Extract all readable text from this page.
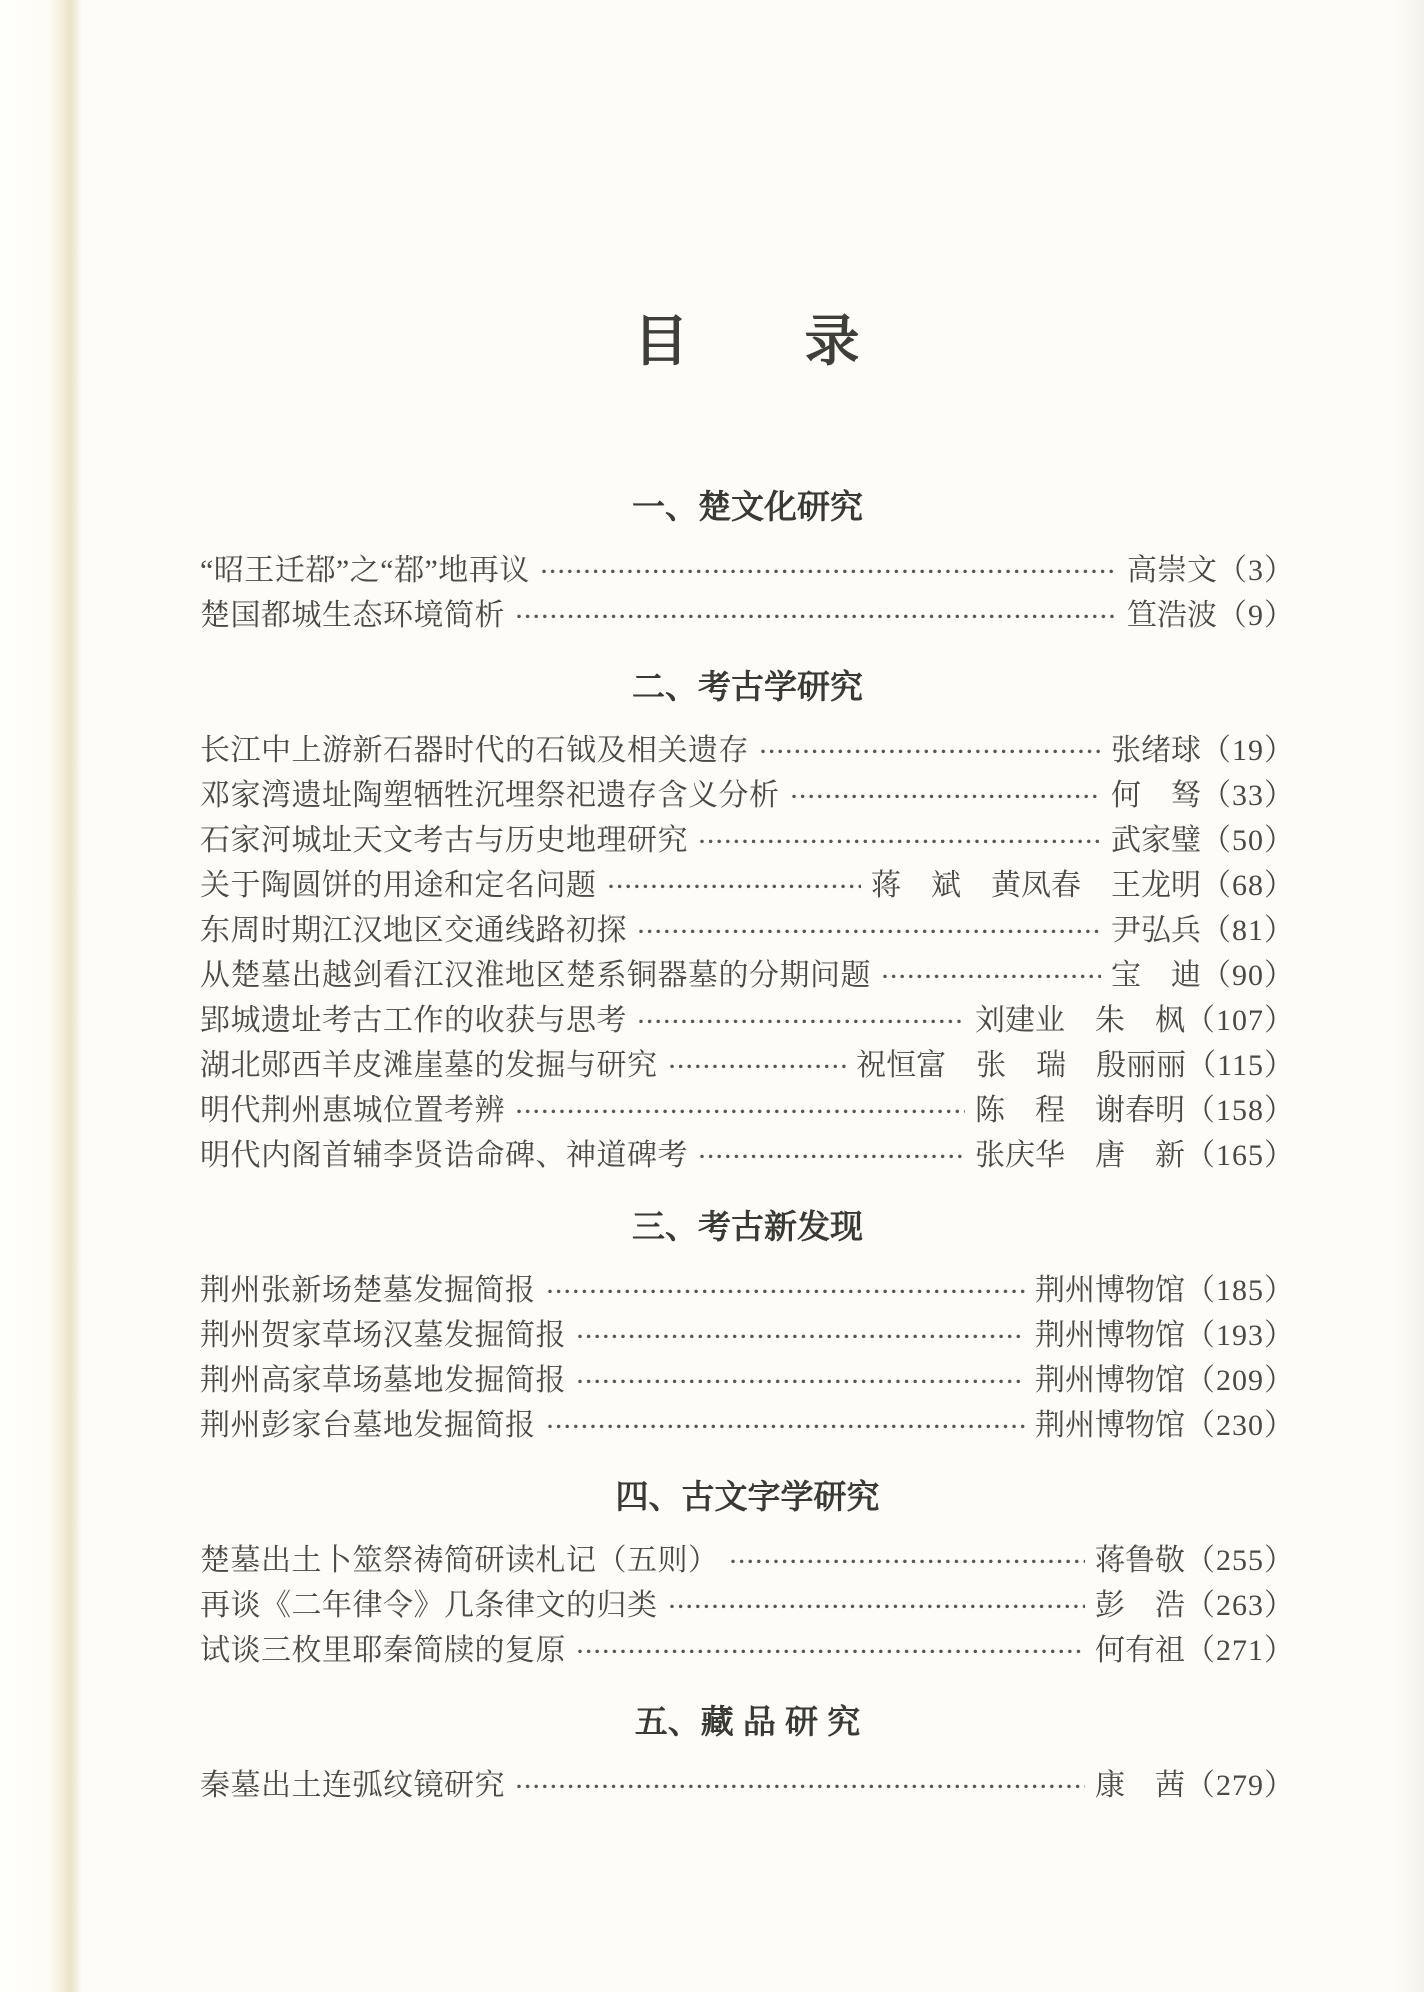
目　　录
一、楚文化研究
“昭王迁鄀”之“鄀”地再议	高崇文 （3）
楚国都城生态环境简析	笪浩波 （9）
二、考古学研究
长江中上游新石器时代的石钺及相关遗存	张绪球 （19）
邓家湾遗址陶塑牺牲沉埋祭祀遗存含义分析	何　驽 （33）
石家河城址天文考古与历史地理研究	武家璧 （50）
关于陶圆饼的用途和定名问题	蒋　斌 黄凤春 王龙明 （68）
东周时期江汉地区交通线路初探	尹弘兵 （81）
从楚墓出越剑看江汉淮地区楚系铜器墓的分期问题	宝　迪 （90）
郢城遗址考古工作的收获与思考	刘建业 朱　枫 （107）
湖北郧西羊皮滩崖墓的发掘与研究	祝恒富 张　瑞 殷丽丽 （115）
明代荆州惠城位置考辨	陈　程 谢春明 （158）
明代内阁首辅李贤诰命碑、神道碑考	张庆华 唐　新 （165）
三、考古新发现
荆州张新场楚墓发掘简报	荆州博物馆 （185）
荆州贺家草场汉墓发掘简报	荆州博物馆 （193）
荆州高家草场墓地发掘简报	荆州博物馆 （209）
荆州彭家台墓地发掘简报	荆州博物馆 （230）
四、古文字学研究
楚墓出土卜筮祭祷简研读札记（五则）	蒋鲁敬 （255）
再谈《二年律令》几条律文的归类	彭　浩 （263）
试谈三枚里耶秦简牍的复原	何有祖 （271）
五、藏 品 研 究
秦墓出土连弧纹镜研究	康　茜 （279）
